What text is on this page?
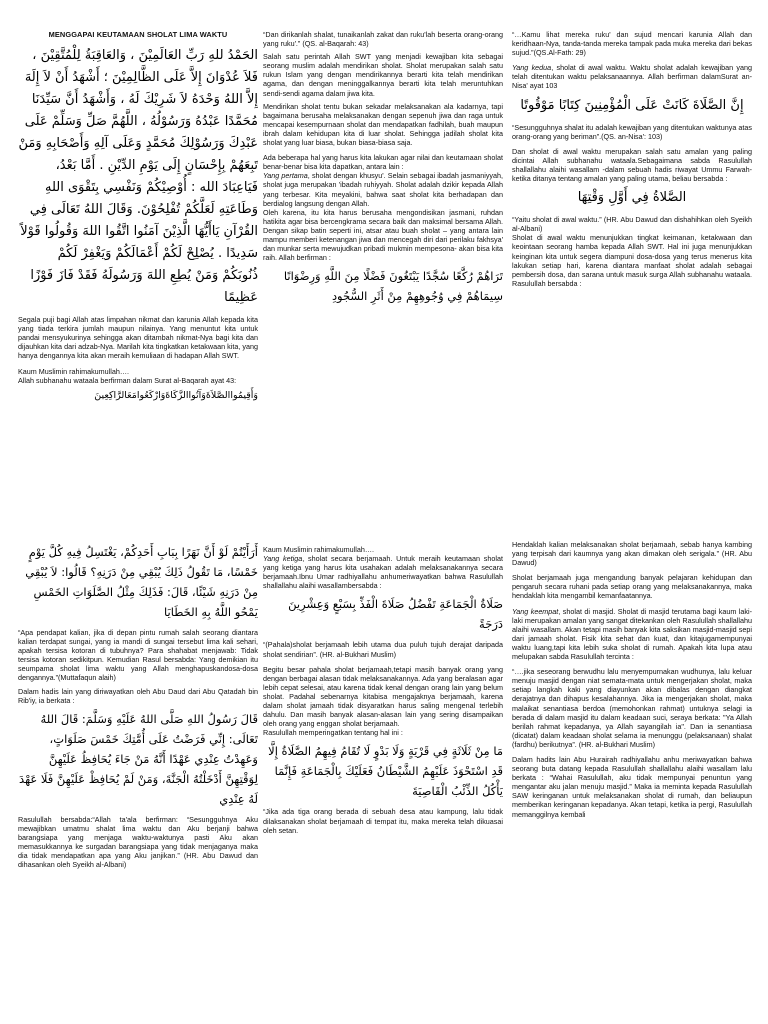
MENGGAPAI KEUTAMAAN SHOLAT LIMA WAKTU
الحَمْدُ للهِ رَبِّ العَالَمِيْنَ ، وَالعَاقِبَةُ لِلْمُتَّقِيْنَ ، فَلاَ عُدْوَانَ إِلاَّ عَلَى الظَّالِمِيْنَ ؛ أَشْهَدُ أَنْ لاَ إِلَهَ إِلاَّ اللهُ وَحْدَهُ لاَ شَرِيْكَ لَهُ ، وَأَشْهَدُ أَنَّ سَيِّدَنَا مُحَمَّدًا عَبْدُهُ وَرَسُوْلُهُ ، اللَّهُمَّ صَلِّ وَسَلِّمْ عَلَى عَبْدِكَ وَرَسُوْلِكَ مُحَمَّدٍ وَعَلَى آلِهِ وَأَصْحَابِهِ وَمَنْ تَبِعَهُمْ بِإِحْسَانٍ إِلَى يَوْمِ الدِّيْنِ . أَمَّا بَعْدُ، فَيَاعِبَادَ الله : أُوْصِيْكُمْ وَنَفْسِي بِتَقْوَى اللهِ وَطَاعَتِهِ لَعَلَّكُمْ تُفْلِحُوْنَ. وَقَالَ اللهُ تَعَالَى فِي القُرْآنِ يَاأَيُّهَا الَّذِيْنَ آمَنُوا اتَّقُوا اللهَ وَقُولُوا قَوْلاً سَدِيدًا . يُصْلِحْ لَكُمْ أَعْمَالَكُمْ وَيَغْفِرْ لَكُمْ ذُنُوبَكُمْ وَمَنْ يُطِعِ اللهَ وَرَسُولَهُ فَقَدْ فَازَ فَوْزًا عَظِيمًا

Segala puji bagi Allah atas limpahan nikmat dan karunia Allah kepada kita yang tiada terkira jumlah maupun nilainya. Yang menuntut kita untuk pandai mensyukurinya sehingga akan ditambah nikmat-Nya bagi kita dan dijauhkan kita dari adzab-Nya. Marilah kita tingkatkan ketakwaan kita, yang hanya dengannya kita akan meraih kemuliaan di hadapan Allah SWT.

Kaum Muslimin rahimakumullah….

Allah subhanahu wataala berfirman dalam Surat al-Baqarah ayat 43:

وَأَقِيمُواالصَّلاَةَوَآتُواالزَّكَاةَوَارْكَعُوامَعَالرَّاكِعِينَ

“Dan dirikanlah shalat, tunaikanlah zakat dan ruku'lah beserta orang-orang yang ruku'.” (QS. al-Baqarah: 43)

Salah satu perintah Allah SWT yang menjadi kewajiban kita sebagai seorang muslim adalah mendirikan sholat. Sholat merupakan salah satu rukun Islam yang dengan mendirikannya berarti kita telah mendirikan agama, dan dengan meninggalkannya berarti kita telah meruntuhkan sendi-sendi agama dalam jiwa kita.

Mendirikan sholat tentu bukan sekadar melaksanakan ala kadarnya, tapi bagaimana berusaha melaksanakan dengan sepenuh jiwa dan raga untuk mencapai kesempurnaan sholat dan mendapatkan fadhilah, buah maupun ibrah dalam kehidupan kita di luar sholat. Sehingga jadilah sholat kita sholat yang luar biasa, bukan biasa-biasa saja.

Ada beberapa hal yang harus kita lakukan agar nilai dan keutamaan sholat benar-benar bisa kita dapatkan, antara lain :

Yang pertama, sholat dengan khusyu'. Selain sebagai ibadah jasmaniyyah, sholat juga merupakan 'ibadah ruhiyyah. Sholat adalah dzikir kepada Allah yang terbesar. Kita meyakini, bahwa saat sholat kita berhadapan dan berdialog langsung dengan Allah.

Oleh karena, itu kita harus berusaha mengondisikan jasmani, ruhdan hatikita agar bisa bercengkrama secara baik dan maksimal bersama Allah. Dengan sikap batin seperti ini, atsar atau buah sholat – yang antara lain mampu memberi ketenangan jiwa dan mencegah diri dari perilaku fakhsya' dan munkar serta mewujudkan pribadi mukmin mempesona- akan bisa kita raih. Allah berfirman :

تَرَاهُمْ رُكَّعًا سُجَّدًا يَبْتَغُونَ فَضْلًا مِنَ اللَّهِ وَرِضْوَانًا سِيمَاهُمْ فِي وُجُوهِهِمْ مِنْ أَثَرِ السُّجُودِ

“…Kamu lihat mereka ruku' dan sujud mencari karunia Allah dan keridhaan-Nya, tanda-tanda mereka tampak pada muka mereka dari bekas sujud.”(QS.Al-Fath: 29)

Yang kedua, sholat di awal waktu. Waktu sholat adalah kewajiban yang telah ditentukan waktu pelaksanaannya. Allah berfirman dalamSurat an-Nisa' ayat 103

إِنَّ الصَّلَاةَ كَانَتْ عَلَى الْمُؤْمِنِينَ كِتَابًا مَوْقُوتًا

“Sesungguhnya shalat itu adalah kewajiban yang ditentukan waktunya atas orang-orang yang beriman”.(QS. an-Nisa': 103)

Dan sholat di awal waktu merupakan salah satu amalan yang paling dicintai Allah subhanahu wataala.Sebagaimana sabda Rasulullah shallallahu alaihi wasallam -dalam sebuah hadis riwayat Ummu Farwah- ketika ditanya tentang amalan yang paling utama, beliau bersabda :

الصَّلاةُ فِي أَوَّلِ وَقْتِهَا

“Yaitu sholat di awal waktu.” (HR. Abu Dawud dan dishahihkan oleh Syeikh al-Albani)

Sholat di awal waktu menunjukkan tingkat keimanan, ketakwaan dan keointaan seorang hamba kepada Allah SWT. Hal ini juga menunjukkan keinginan kita untuk segera diampuni dosa-dosa yang terus menerus kita lakukan setiap hari, karena diantara manfaat sholat adalah sebagai pembersih dosa, dan sarana untuk masuk surga Allah subhanahu wataala. Rasulullah bersabda :

أَرَأَيْتُمْ لَوْ أَنَّ نَهَرًا بِبَابِ أَحَدِكُمْ، يَغْتَسِلُ فِيهِ كُلَّ يَوْمٍ خَمْسًا، مَا تَقُولُ ذَلِكَ يُبْقِي مِنْ دَرَنِهِ؟ قَالُوا: لاَ يُبْقِي مِنْ دَرَنِهِ شَيْئًا، قَالَ: فَذَلِكَ مِثْلُ الصَّلَوَاتِ الخَمْسِ يَمْحُو اللَّهُ بِهِ الخَطَايَا

“Apa pendapat kalian, jika di depan pintu rumah salah seorang diantara kalian terdapat sungai, yang ia mandi di sungai tersebut lima kali sehari, apakah tersisa kotoran di tubuhnya? Para shahabat menjawab: Tidak tersisa kotoran sedikitpun. Kemudian Rasul bersabda: Yang demikian itu seumpama sholat lima waktu yang Allah menghapuskandosa-dosa dengannya.”(Muttafaqun alaih)

Dalam hadis lain yang diriwayatkan oleh Abu Daud dari Abu Qatadah bin Rib'iy, ia berkata :

قَالَ رَسُولُ اللهِ صَلَّى اللهُ عَلَيْهِ وَسَلَّمَ: قَالَ اللهُ تَعَالَى: إِنِّي فَرَضْتُ عَلَى أُمَّتِكَ خَمْسَ صَلَوَاتٍ، وَعَهِدْتُ عِنْدِي عَهْدًا أَنَّهُ مَنْ جَاءَ يُحَافِظُ عَلَيْهِنَّ لِوَقْتِهِنَّ أَدْخَلْتُهُ الْجَنَّةَ، وَمَنْ لَمْ يُحَافِظْ عَلَيْهِنَّ فَلَا عَهْدَ لَهُ عِنْدِي

Rasulullah bersabda:“Allah ta'ala berfirman: “Sesungguhnya Aku mewajibkan umatmu shalat lima waktu dan Aku berjanji bahwa barangsiapa yang menjaga waktu-waktunya pasti Aku akan memasukkannya ke surgadan barangsiapa yang tidak menjaganya maka dia tidak mendapatkan apa yang Aku janjikan.” (HR. Abu Dawud dan dihasankan oleh Syeikh al-Albani)

Kaum Muslimin rahimakumullah….

Yang ketiga, sholat secara berjamaah. Untuk meraih keutamaan sholat yang ketiga yang harus kita usahakan adalah melaksanakannya secara berjamaah.Ibnu Umar radhiyallahu anhumeriwayatkan bahwa Rasulullah shallallahu alaihi wasallambersabda :

صَلَاةُ الْجَمَاعَةِ تَفْضُلُ صَلَاةَ الْفَذِّ بِسَبْعٍ وَعِشْرِينَ دَرَجَةً

“(Pahala)sholat berjamaah lebih utama dua puluh tujuh derajat daripada sholat sendirian”. (HR. al-Bukhari Muslim)

Begitu besar pahala sholat berjamaah,tetapi masih banyak orang yang dengan berbagai alasan tidak melaksanakannya. Ada yang beralasan agar lebih cepat selesai, atau karena tidak kenal dengan orang lain yang belum sholat. Padahal sebenarnya kitabisa mengajaknya berjamaah, karena dalam sholat jamaah tidak disyaratkan harus saling mengenal terlebih dahulu. Dan masih banyak alasan-alasan lain yang sering disampaikan oleh orang yang enggan sholat berjamaah.

Rasulullah memperingatkan tentang hal ini :

مَا مِنْ ثَلَاثَةٍ فِي قَرْيَةٍ وَلَا بَدْوٍ لَا تُقَامُ فِيهِمُ الصَّلَاةُ إِلَّا قَدِ اسْتَحْوَذَ عَلَيْهِمُ الشَّيْطَانُ فَعَلَيْكَ بِالْجَمَاعَةِ فَإِنَّمَا يَأْكُلُ الذِّئْبُ الْقَاصِيَةَ

“Jika ada tiga orang berada di sebuah desa atau kampung, lalu tidak dilaksanakan sholat berjamaah di tempat itu, maka mereka telah dikuasai oleh setan.

Hendaklah kalian melaksanakan sholat berjamaah, sebab hanya kambing yang terpisah dari kaumnya yang akan dimakan oleh serigala.” (HR. Abu Dawud)

Sholat berjamaah juga mengandung banyak pelajaran kehidupan dan pengaruh secara ruhani pada setiap orang yang melaksanakannya, maka hendaklah kita mengambil kemanfaatannya.

Yang keempat, sholat di masjid. Sholat di masjid terutama bagi kaum laki-laki merupakan amalan yang sangat ditekankan oleh Rasulullah shallallahu alaihi wasallam. Akan tetapi masih banyak kita saksikan masjid-masjid sepi dari jamaah sholat. Fisik kita sehat dan kuat, dan kitajugamempunyai waktu luang,tapi kita lebih suka sholat di rumah. Apakah kita lupa atau melupakan sabda Rasulullah tercinta :

“….jika seseorang berwudhu lalu menyempurnakan wudhunya, lalu keluar menuju masjid dengan niat semata-mata untuk mengerjakan sholat, maka setiap langkah kaki yang diayunkan akan dibalas dengan diangkat derajatnya dan dihapus kesalahannya. Jika ia mengerjakan sholat, maka malaikat senantiasa berdoa (memohonkan rahmat) untuknya selagi ia berada di dalam masjid itu dalam keadaan suci, seraya berkata: "Ya Allah berilah rahmat kepadanya, ya Allah sayangilah ia". Dan ia senantiasa (dicatat) dalam keadaan sholat selama ia menunggu (pelaksanaan) shalat (fardhu) berikutnya”. (HR. al-Bukhari Muslim)

Dalam hadits lain Abu Hurairah radhiyallahu anhu meriwayatkan bahwa seorang buta datang kepada Rasulullah shallallahu alaihi wasallam lalu berkata : “Wahai Rasulullah, aku tidak mempunyai penuntun yang mengantar aku jalan menuju masjid.” Maka ia meminta kepada Rasulullah SAW keringanan untuk melaksanakan sholat di rumah, dan beliaupun memberikan keringanan kepadanya. Akan tetapi, ketika ia pergi, Rasulullah memanggilnya kembali
